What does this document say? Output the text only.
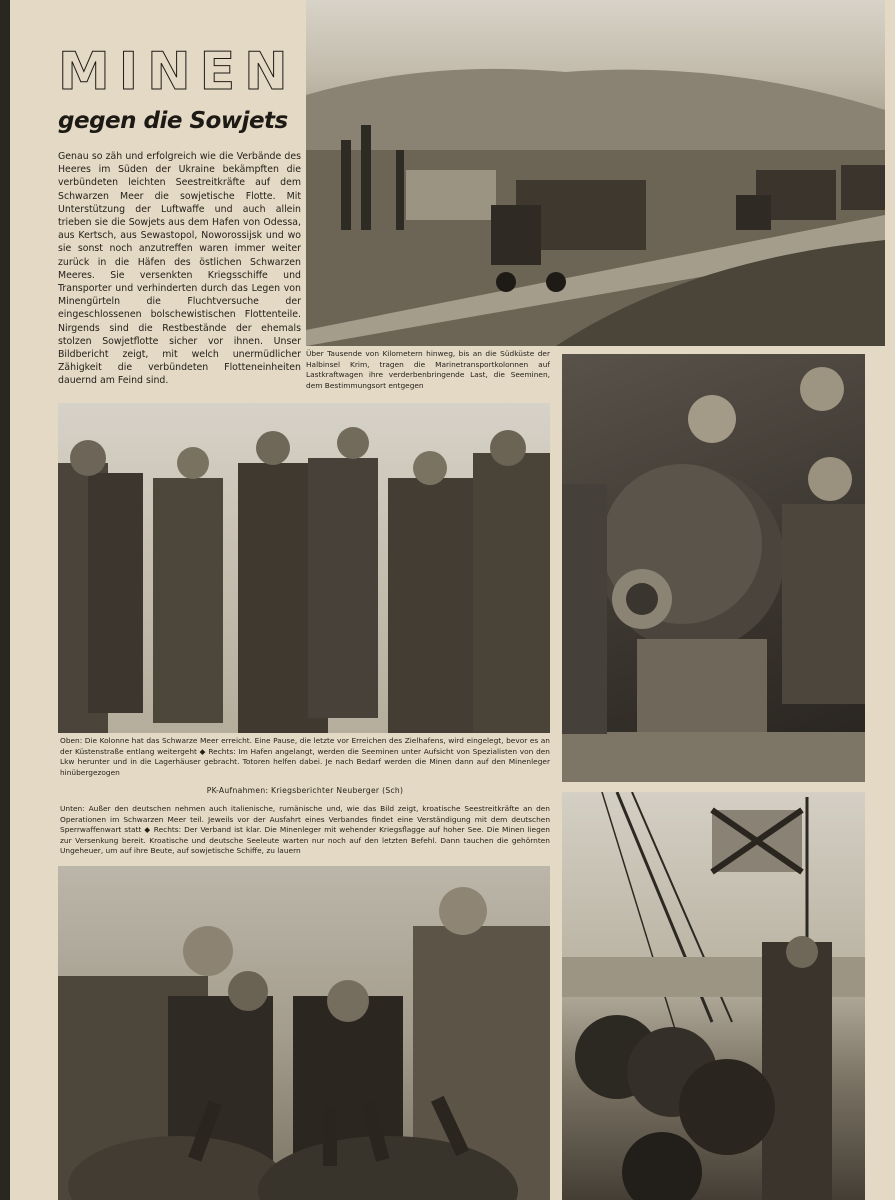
MINEN
gegen die Sowjets

Genau so zäh und erfolgreich wie die Verbände des Heeres im Süden der Ukraine bekämpften die verbündeten leichten Seestreitkräfte auf dem Schwarzen Meer die sowjetische Flotte. Mit Unterstützung der Luftwaffe und auch allein trieben sie die Sowjets aus dem Hafen von Odessa, aus Kertsch, aus Sewastopol, Noworossijsk und wo sie sonst noch anzutreffen waren immer weiter zurück in die Häfen des östlichen Schwarzen Meeres. Sie versenkten Kriegsschiffe und Transporter und verhinderten durch das Legen von Minengürteln die Fluchtversuche der eingeschlossenen bolschewistischen Flottenteile. Nirgends sind die Restbestände der ehemals stolzen Sowjetflotte sicher vor ihnen. Unser Bildbericht zeigt, mit welch unermüdlicher Zähigkeit die verbündeten Flotteneinheiten dauernd am Feind sind.

Über Tausende von Kilometern hinweg, bis an die Südküste der Halbinsel Krim, tragen die Marinetransportkolonnen auf Lastkraftwagen ihre verderbenbringende Last, die Seeminen, dem Bestimmungsort entgegen

Oben: Die Kolonne hat das Schwarze Meer erreicht. Eine Pause, die letzte vor Erreichen des Zielhafens, wird eingelegt, bevor es an der Küstenstraße entlang weitergeht ◆ Rechts: Im Hafen angelangt, werden die Seeminen unter Aufsicht von Spezialisten von den Lkw herunter und in die Lagerhäuser gebracht. Totoren helfen dabei. Je nach Bedarf werden die Minen dann auf den Minenleger hinübergezogen

PK-Aufnahmen: Kriegsberichter Neuberger (Sch)

Unten: Außer den deutschen nehmen auch italienische, rumänische und, wie das Bild zeigt, kroatische Seestreitkräfte an den Operationen im Schwarzen Meer teil. Jeweils vor der Ausfahrt eines Verbandes findet eine Verständigung mit dem deutschen Sperrwaffenwart statt ◆ Rechts: Der Verband ist klar. Die Minenleger mit wehender Kriegsflagge auf hoher See. Die Minen liegen zur Versenkung bereit. Kroatische und deutsche Seeleute warten nur noch auf den letzten Befehl. Dann tauchen die gehörnten Ungeheuer, um auf ihre Beute, auf sowjetische Schiffe, zu lauern
